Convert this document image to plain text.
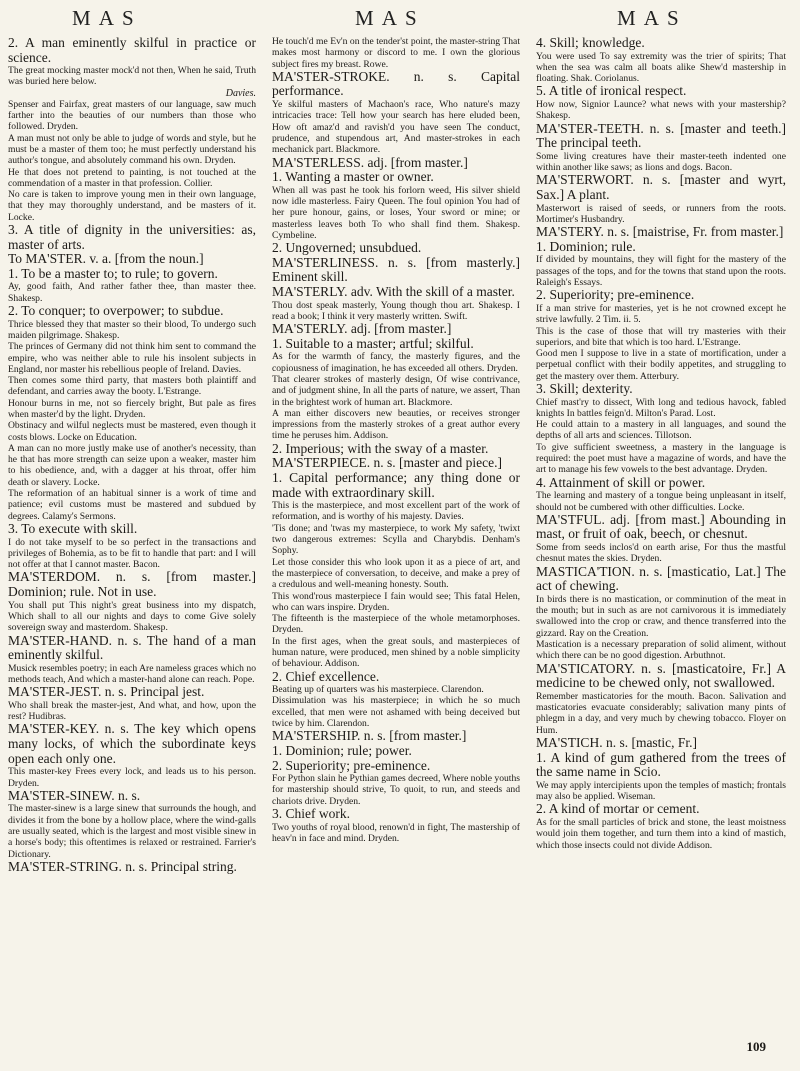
M A S	M A S	M A S

2. A man eminently skilful in practice or science.

The great mocking master mock'd not then, When he said, Truth was buried here below.

Davies.

Spenser and Fairfax, great masters of our language, saw much farther into the beauties of our numbers than those who followed. Dryden.

A man must not only be able to judge of words and style, but he must be a master of them too; he must perfectly understand his author's tongue, and absolutely command his own. Dryden.

He that does not pretend to painting, is not touched at the commendation of a master in that profession. Collier.

No care is taken to improve young men in their own language, that they may thoroughly understand, and be masters of it. Locke.

3. A title of dignity in the universities: as, master of arts.

To MA'STER. v. a. [from the noun.]

1. To be a master to; to rule; to govern.

Ay, good faith, And rather father thee, than master thee. Shakesp.

2. To conquer; to overpower; to subdue.

Thrice blessed they that master so their blood, To undergo such maiden pilgrimage. Shakesp.

The princes of Germany did not think him sent to command the empire, who was neither able to rule his insolent subjects in England, nor master his rebellious people of Ireland. Davies.

Then comes some third party, that masters both plaintiff and defendant, and carries away the booty. L'Estrange.

Honour burns in me, not so fiercely bright, But pale as fires when master'd by the light. Dryden.

Obstinacy and wilful neglects must be mastered, even though it costs blows. Locke on Education.

A man can no more justly make use of another's necessity, than he that has more strength can seize upon a weaker, master him to his obedience, and, with a dagger at his throat, offer him death or slavery. Locke.

The reformation of an habitual sinner is a work of time and patience; evil customs must be mastered and subdued by degrees. Calamy's Sermons.

3. To execute with skill.

I do not take myself to be so perfect in the transactions and privileges of Bohemia, as to be fit to handle that part: and I will not offer at that I cannot master. Bacon.

MA'STERDOM. n. s. [from master.] Dominion; rule. Not in use.

You shall put This night's great business into my dispatch, Which shall to all our nights and days to come Give solely sovereign sway and masterdom. Shakesp.

MA'STER-HAND. n. s. The hand of a man eminently skilful.

Musick resembles poetry; in each Are nameless graces which no methods teach, And which a master-hand alone can reach. Pope.

MA'STER-JEST. n. s. Principal jest.

Who shall break the master-jest, And what, and how, upon the rest? Hudibras.

MA'STER-KEY. n. s. The key which opens many locks, of which the subordinate keys open each only one.

This master-key Frees every lock, and leads us to his person. Dryden.

MA'STER-SINEW. n. s.

The master-sinew is a large sinew that surrounds the hough, and divides it from the bone by a hollow place, where the wind-galls are usually seated, which is the largest and most visible sinew in a horse's body; this oftentimes is relaxed or restrained. Farrier's Dictionary.

MA'STER-STRING. n. s. Principal string.

He touch'd me Ev'n on the tender'st point, the master-string That makes most harmony or discord to me. I own the glorious subject fires my breast. Rowe.

MA'STER-STROKE. n. s. Capital performance.

Ye skilful masters of Machaon's race, Who nature's mazy intricacies trace: Tell how your search has here eluded been, How oft amaz'd and ravish'd you have seen The conduct, prudence, and stupendous art, And master-strokes in each mechanick part. Blackmore.

MA'STERLESS. adj. [from master.]

1. Wanting a master or owner.

When all was past he took his forlorn weed, His silver shield now idle masterless. Fairy Queen. The foul opinion You had of her pure honour, gains, or loses, Your sword or mine; or masterless leaves both To who shall find them. Shakesp. Cymbeline.

2. Ungoverned; unsubdued.

MA'STERLINESS. n. s. [from masterly.] Eminent skill.

MA'STERLY. adv. With the skill of a master.

Thou dost speak masterly, Young though thou art. Shakesp. I read a book; I think it very masterly written. Swift.

MA'STERLY. adj. [from master.]

1. Suitable to a master; artful; skilful.

As for the warmth of fancy, the masterly figures, and the copiousness of imagination, he has exceeded all others. Dryden.

That clearer strokes of masterly design, Of wise contrivance, and of judgment shine, In all the parts of nature, we assert, Than in the brightest work of human art. Blackmore.

A man either discovers new beauties, or receives stronger impressions from the masterly strokes of a great author every time he peruses him. Addison.

2. Imperious; with the sway of a master.

MA'STERPIECE. n. s. [master and piece.]

1. Capital performance; any thing done or made with extraordinary skill.

This is the masterpiece, and most excellent part of the work of reformation, and is worthy of his majesty. Davies.

'Tis done; and 'twas my masterpiece, to work My safety, 'twixt two dangerous extremes: Scylla and Charybdis. Denham's Sophy.

Let those consider this who look upon it as a piece of art, and the masterpiece of conversation, to deceive, and make a prey of a credulous and well-meaning honesty. South.

This wond'rous masterpiece I fain would see; This fatal Helen, who can wars inspire. Dryden.

The fifteenth is the masterpiece of the whole metamorphoses. Dryden.

In the first ages, when the great souls, and masterpieces of human nature, were produced, men shined by a noble simplicity of behaviour. Addison.

2. Chief excellence.

Beating up of quarters was his masterpiece. Clarendon.

Dissimulation was his masterpiece; in which he so much excelled, that men were not ashamed with being deceived but twice by him. Clarendon.

MA'STERSHIP. n. s. [from master.]

1. Dominion; rule; power.

2. Superiority; pre-eminence.

For Python slain he Pythian games decreed, Where noble youths for mastership should strive, To quoit, to run, and steeds and chariots drive. Dryden.

3. Chief work.

Two youths of royal blood, renown'd in fight, The mastership of heav'n in face and mind. Dryden.

4. Skill; knowledge.

You were used To say extremity was the trier of spirits; That when the sea was calm all boats alike Shew'd mastership in floating. Shak. Coriolanus.

5. A title of ironical respect.

How now, Signior Launce? what news with your mastership? Shakesp.

MA'STER-TEETH. n. s. [master and teeth.] The principal teeth.

Some living creatures have their master-teeth indented one within another like saws; as lions and dogs. Bacon.

MA'STERWORT. n. s. [master and wyrt, Sax.] A plant.

Masterwort is raised of seeds, or runners from the roots. Mortimer's Husbandry.

MA'STERY. n. s. [maistrise, Fr. from master.]

1. Dominion; rule.

If divided by mountains, they will fight for the mastery of the passages of the tops, and for the towns that stand upon the roots. Raleigh's Essays.

2. Superiority; pre-eminence.

If a man strive for masteries, yet is he not crowned except he strive lawfully. 2 Tim. ii. 5.

This is the case of those that will try masteries with their superiors, and bite that which is too hard. L'Estrange.

Good men I suppose to live in a state of mortification, under a perpetual conflict with their bodily appetites, and struggling to get the mastery over them. Atterbury.

3. Skill; dexterity.

Chief mast'ry to dissect, With long and tedious havock, fabled knights In battles feign'd. Milton's Parad. Lost.

He could attain to a mastery in all languages, and sound the depths of all arts and sciences. Tillotson.

To give sufficient sweetness, a mastery in the language is required: the poet must have a magazine of words, and have the art to manage his few vowels to the best advantage. Dryden.

4. Attainment of skill or power.

The learning and mastery of a tongue being unpleasant in itself, should not be cumbered with other difficulties. Locke.

MA'STFUL. adj. [from mast.] Abounding in mast, or fruit of oak, beech, or chesnut.

Some from seeds inclos'd on earth arise, For thus the mastful chesnut mates the skies. Dryden.

MASTICA'TION. n. s. [masticatio, Lat.] The act of chewing.

In birds there is no mastication, or comminution of the meat in the mouth; but in such as are not carnivorous it is immediately swallowed into the crop or craw, and thence transferred into the gizzard. Ray on the Creation.

Mastication is a necessary preparation of solid aliment, without which there can be no good digestion. Arbuthnot.

MA'STICATORY. n. s. [masticatoire, Fr.] A medicine to be chewed only, not swallowed.

Remember masticatories for the mouth. Bacon. Salivation and masticatories evacuate considerably; salivation many pints of phlegm in a day, and very much by chewing tobacco. Floyer on Hum.

MA'STICH. n. s. [mastic, Fr.]

1. A kind of gum gathered from the trees of the same name in Scio.

We may apply intercipients upon the temples of mastich; frontals may also be applied. Wiseman.

2. A kind of mortar or cement.

As for the small particles of brick and stone, the least moistness would join them together, and turn them into a kind of mastich, which those insects could not divide Addison.

109
